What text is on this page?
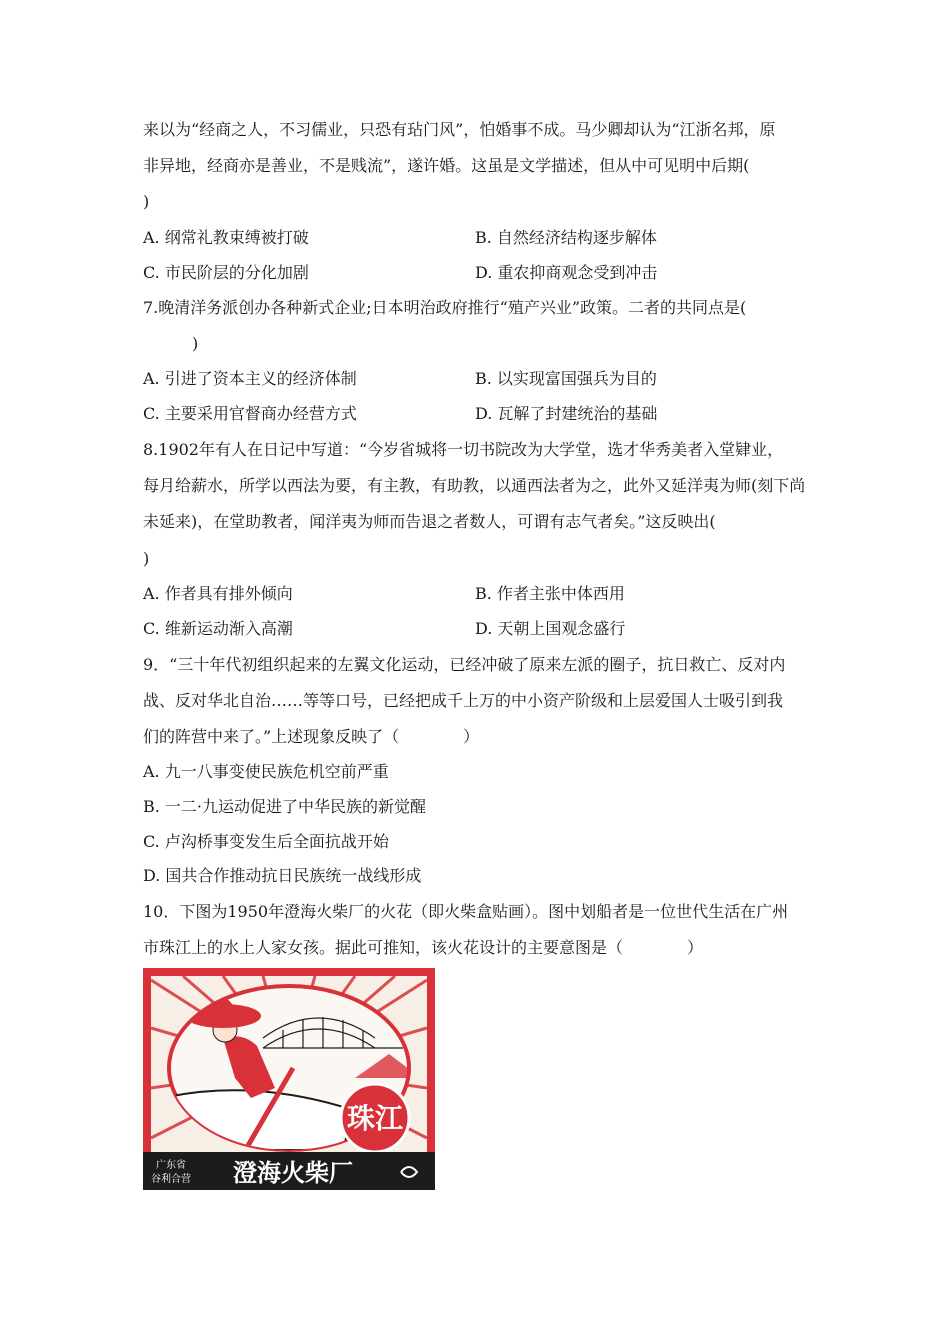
来以为“经商之人，不习儒业，只恐有玷门风”，怕婚事不成。马少卿却认为“江浙名邦，原
非异地，经商亦是善业，不是贱流”，遂许婚。这虽是文学描述，但从中可见明中后期(
)
A. 纲常礼教束缚被打破	B. 自然经济结构逐步解体
C. 市民阶层的分化加剧	D. 重农抑商观念受到冲击
7.晚清洋务派创办各种新式企业;日本明治政府推行“殖产兴业”政策。二者的共同点是(
)
A. 引进了资本主义的经济体制	B. 以实现富国强兵为目的
C. 主要采用官督商办经营方式	D. 瓦解了封建统治的基础
8.1902年有人在日记中写道：“今岁省城将一切书院改为大学堂，选才华秀美者入堂肄业，
每月给薪水，所学以西法为要，有主教，有助教，以通西法者为之，此外又延洋夷为师(刻下尚
未延来)，在堂助教者，闻洋夷为师而告退之者数人，可谓有志气者矣。”这反映出(
)
A. 作者具有排外倾向	B. 作者主张中体西用
C. 维新运动渐入高潮	D. 天朝上国观念盛行
9．“三十年代初组织起来的左翼文化运动，已经冲破了原来左派的圈子，抗日救亡、反对内
战、反对华北自治……等等口号，已经把成千上万的中小资产阶级和上层爱国人士吸引到我
们的阵营中来了。”上述现象反映了（　　　　）
A. 九一八事变使民族危机空前严重
B. 一二·九运动促进了中华民族的新觉醒
C. 卢沟桥事变发生后全面抗战开始
D. 国共合作推动抗日民族统一战线形成
10．下图为1950年澄海火柴厂的火花（即火柴盒贴画）。图中划船者是一位世代生活在广州
市珠江上的水上人家女孩。据此可推知，该火花设计的主要意图是（　　　　）
珠江
广东省
谷利合营 澄海火柴厂
